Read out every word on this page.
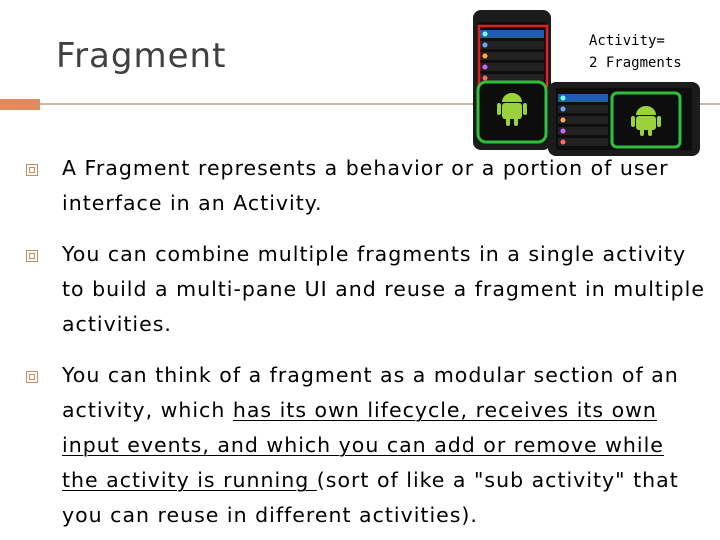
Fragment	Activity=
2 Fragments
A Fragment represents a behavior or a portion of user interface in an Activity.
You can combine multiple fragments in a single activity to build a multi-pane UI and reuse a fragment in multiple activities.
You can think of a fragment as a modular section of an activity, which has its own lifecycle, receives its own input events, and which you can add or remove while the activity is running (sort of like a "sub activity" that you can reuse in different activities).
